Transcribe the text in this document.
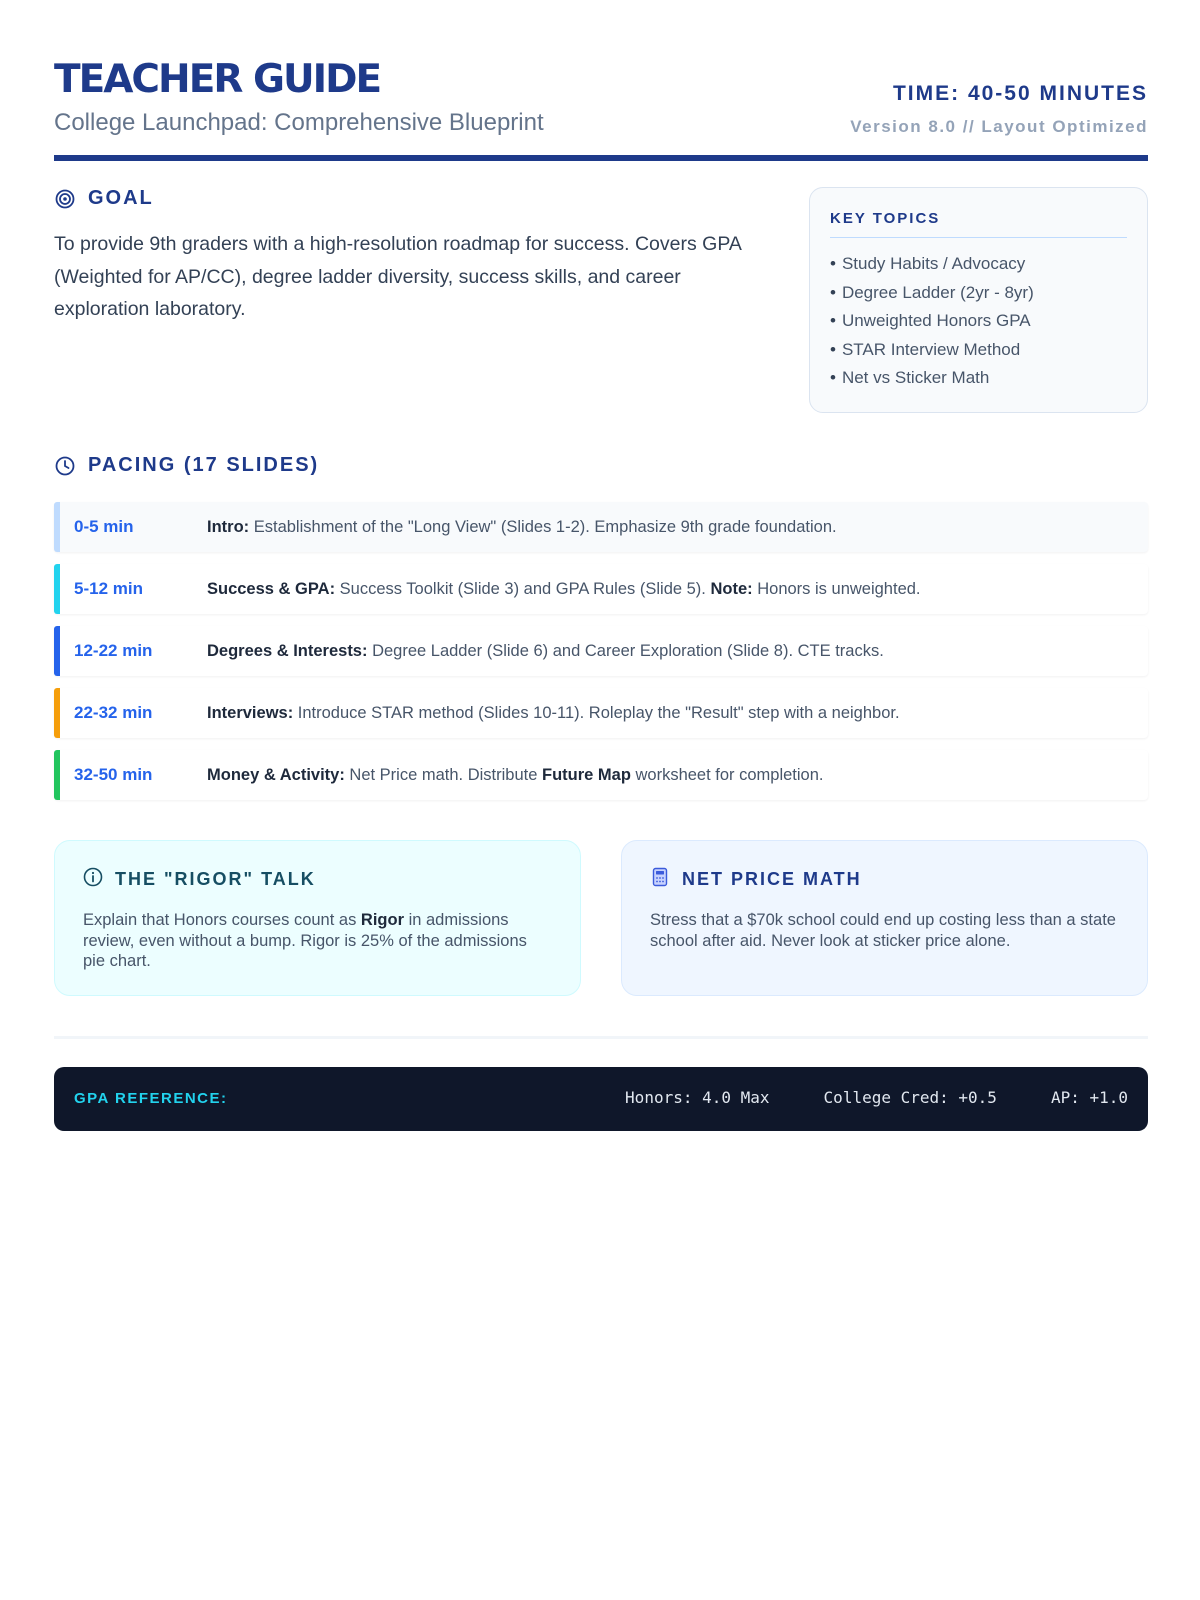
TEACHER GUIDE
College Launchpad: Comprehensive Blueprint
TIME: 40-50 MINUTES
Version 8.0 // Layout Optimized
GOAL

To provide 9th graders with a high-resolution roadmap for success. Covers GPA (Weighted for AP/CC), degree ladder diversity, success skills, and career exploration laboratory.

KEY TOPICS
• Study Habits / Advocacy
• Degree Ladder (2yr - 8yr)
• Unweighted Honors GPA
• STAR Interview Method
• Net vs Sticker Math
PACING (17 SLIDES)
0-5 min	Intro: Establishment of the "Long View" (Slides 1-2). Emphasize 9th grade foundation.
5-12 min	Success & GPA: Success Toolkit (Slide 3) and GPA Rules (Slide 5). Note: Honors is unweighted.
12-22 min	Degrees & Interests: Degree Ladder (Slide 6) and Career Exploration (Slide 8). CTE tracks.
22-32 min	Interviews: Introduce STAR method (Slides 10-11). Roleplay the "Result" step with a neighbor.
32-50 min	Money & Activity: Net Price math. Distribute Future Map worksheet for completion.
THE "RIGOR" TALK

Explain that Honors courses count as Rigor in admissions review, even without a bump. Rigor is 25% of the admissions pie chart.

NET PRICE MATH

Stress that a $70k school could end up costing less than a state school after aid. Never look at sticker price alone.

GPA REFERENCE:	Honors: 4.0 Max	College Cred: +0.5	AP: +1.0
